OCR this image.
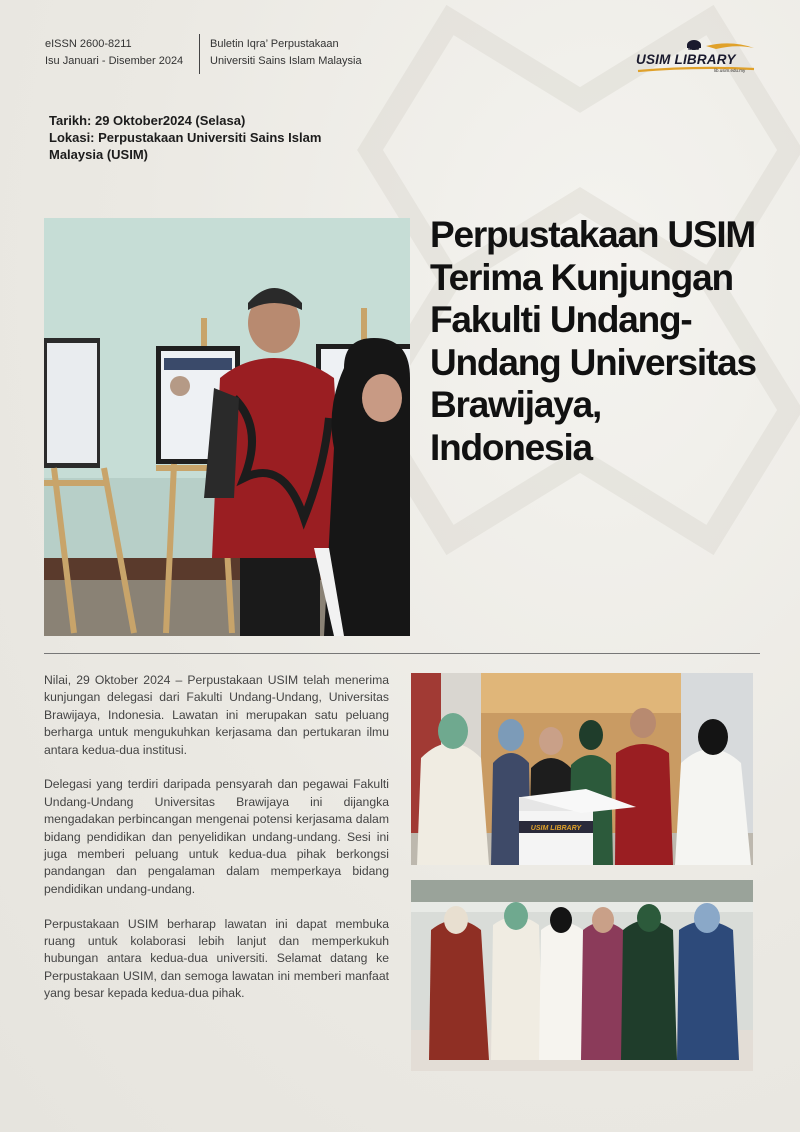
eISSN 2600-8211
Isu Januari - Disember 2024
Buletin Iqra’ Perpustakaan
Universiti Sains Islam Malaysia
USIM
USIM LIBRARY
lib.usim.edu.my
Tarikh: 29 Oktober2024 (Selasa)
Lokasi: Perpustakaan Universiti Sains Islam Malaysia (USIM)
Perpustakaan USIM Terima Kunjungan Fakulti Undang-Undang Universitas Brawijaya, Indonesia

Nilai, 29 Oktober 2024 – Perpustakaan USIM telah menerima kunjungan delegasi dari Fakulti Undang-Undang, Universitas Brawijaya, Indonesia. Lawatan ini merupakan satu peluang berharga untuk mengukuhkan kerjasama dan pertukaran ilmu antara kedua-dua institusi.

Delegasi yang terdiri daripada pensyarah dan pegawai Fakulti Undang-Undang Universitas Brawijaya ini dijangka mengadakan perbincangan mengenai potensi kerjasama dalam bidang pendidikan dan penyelidikan undang-undang. Sesi ini juga memberi peluang untuk kedua-dua pihak berkongsi pandangan dan pengalaman dalam memperkaya bidang pendidikan undang-undang.

Perpustakaan USIM berharap lawatan ini dapat membuka ruang untuk kolaborasi lebih lanjut dan memperkukuh hubungan antara kedua-dua universiti. Selamat datang ke Perpustakaan USIM, dan semoga lawatan ini memberi manfaat yang besar kepada kedua-dua pihak.

USIM LIBRARY
